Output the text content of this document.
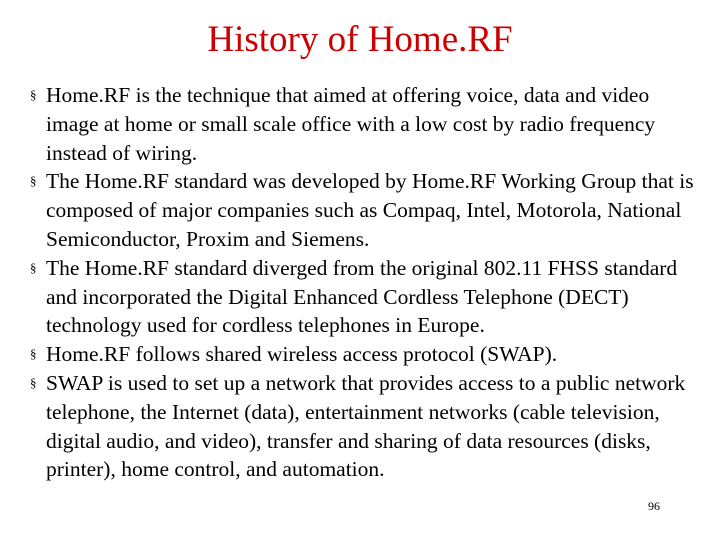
History of Home.RF
§ Home.RF is the technique that aimed at offering voice, data and video image at home or small scale office with a low cost by radio frequency instead of wiring.
§ The Home.RF standard was developed by Home.RF Working Group that is composed of major companies such as Compaq, Intel, Motorola, National Semiconductor, Proxim and Siemens.
§ The Home.RF standard diverged from the original 802.11 FHSS standard and incorporated the Digital Enhanced Cordless Telephone (DECT) technology used for cordless telephones in Europe.
§ Home.RF follows shared wireless access protocol (SWAP).
§ SWAP is used to set up a network that provides access to a public network telephone, the Internet (data), entertainment networks (cable television, digital audio, and video), transfer and sharing of data resources (disks, printer), home control, and automation.
96
